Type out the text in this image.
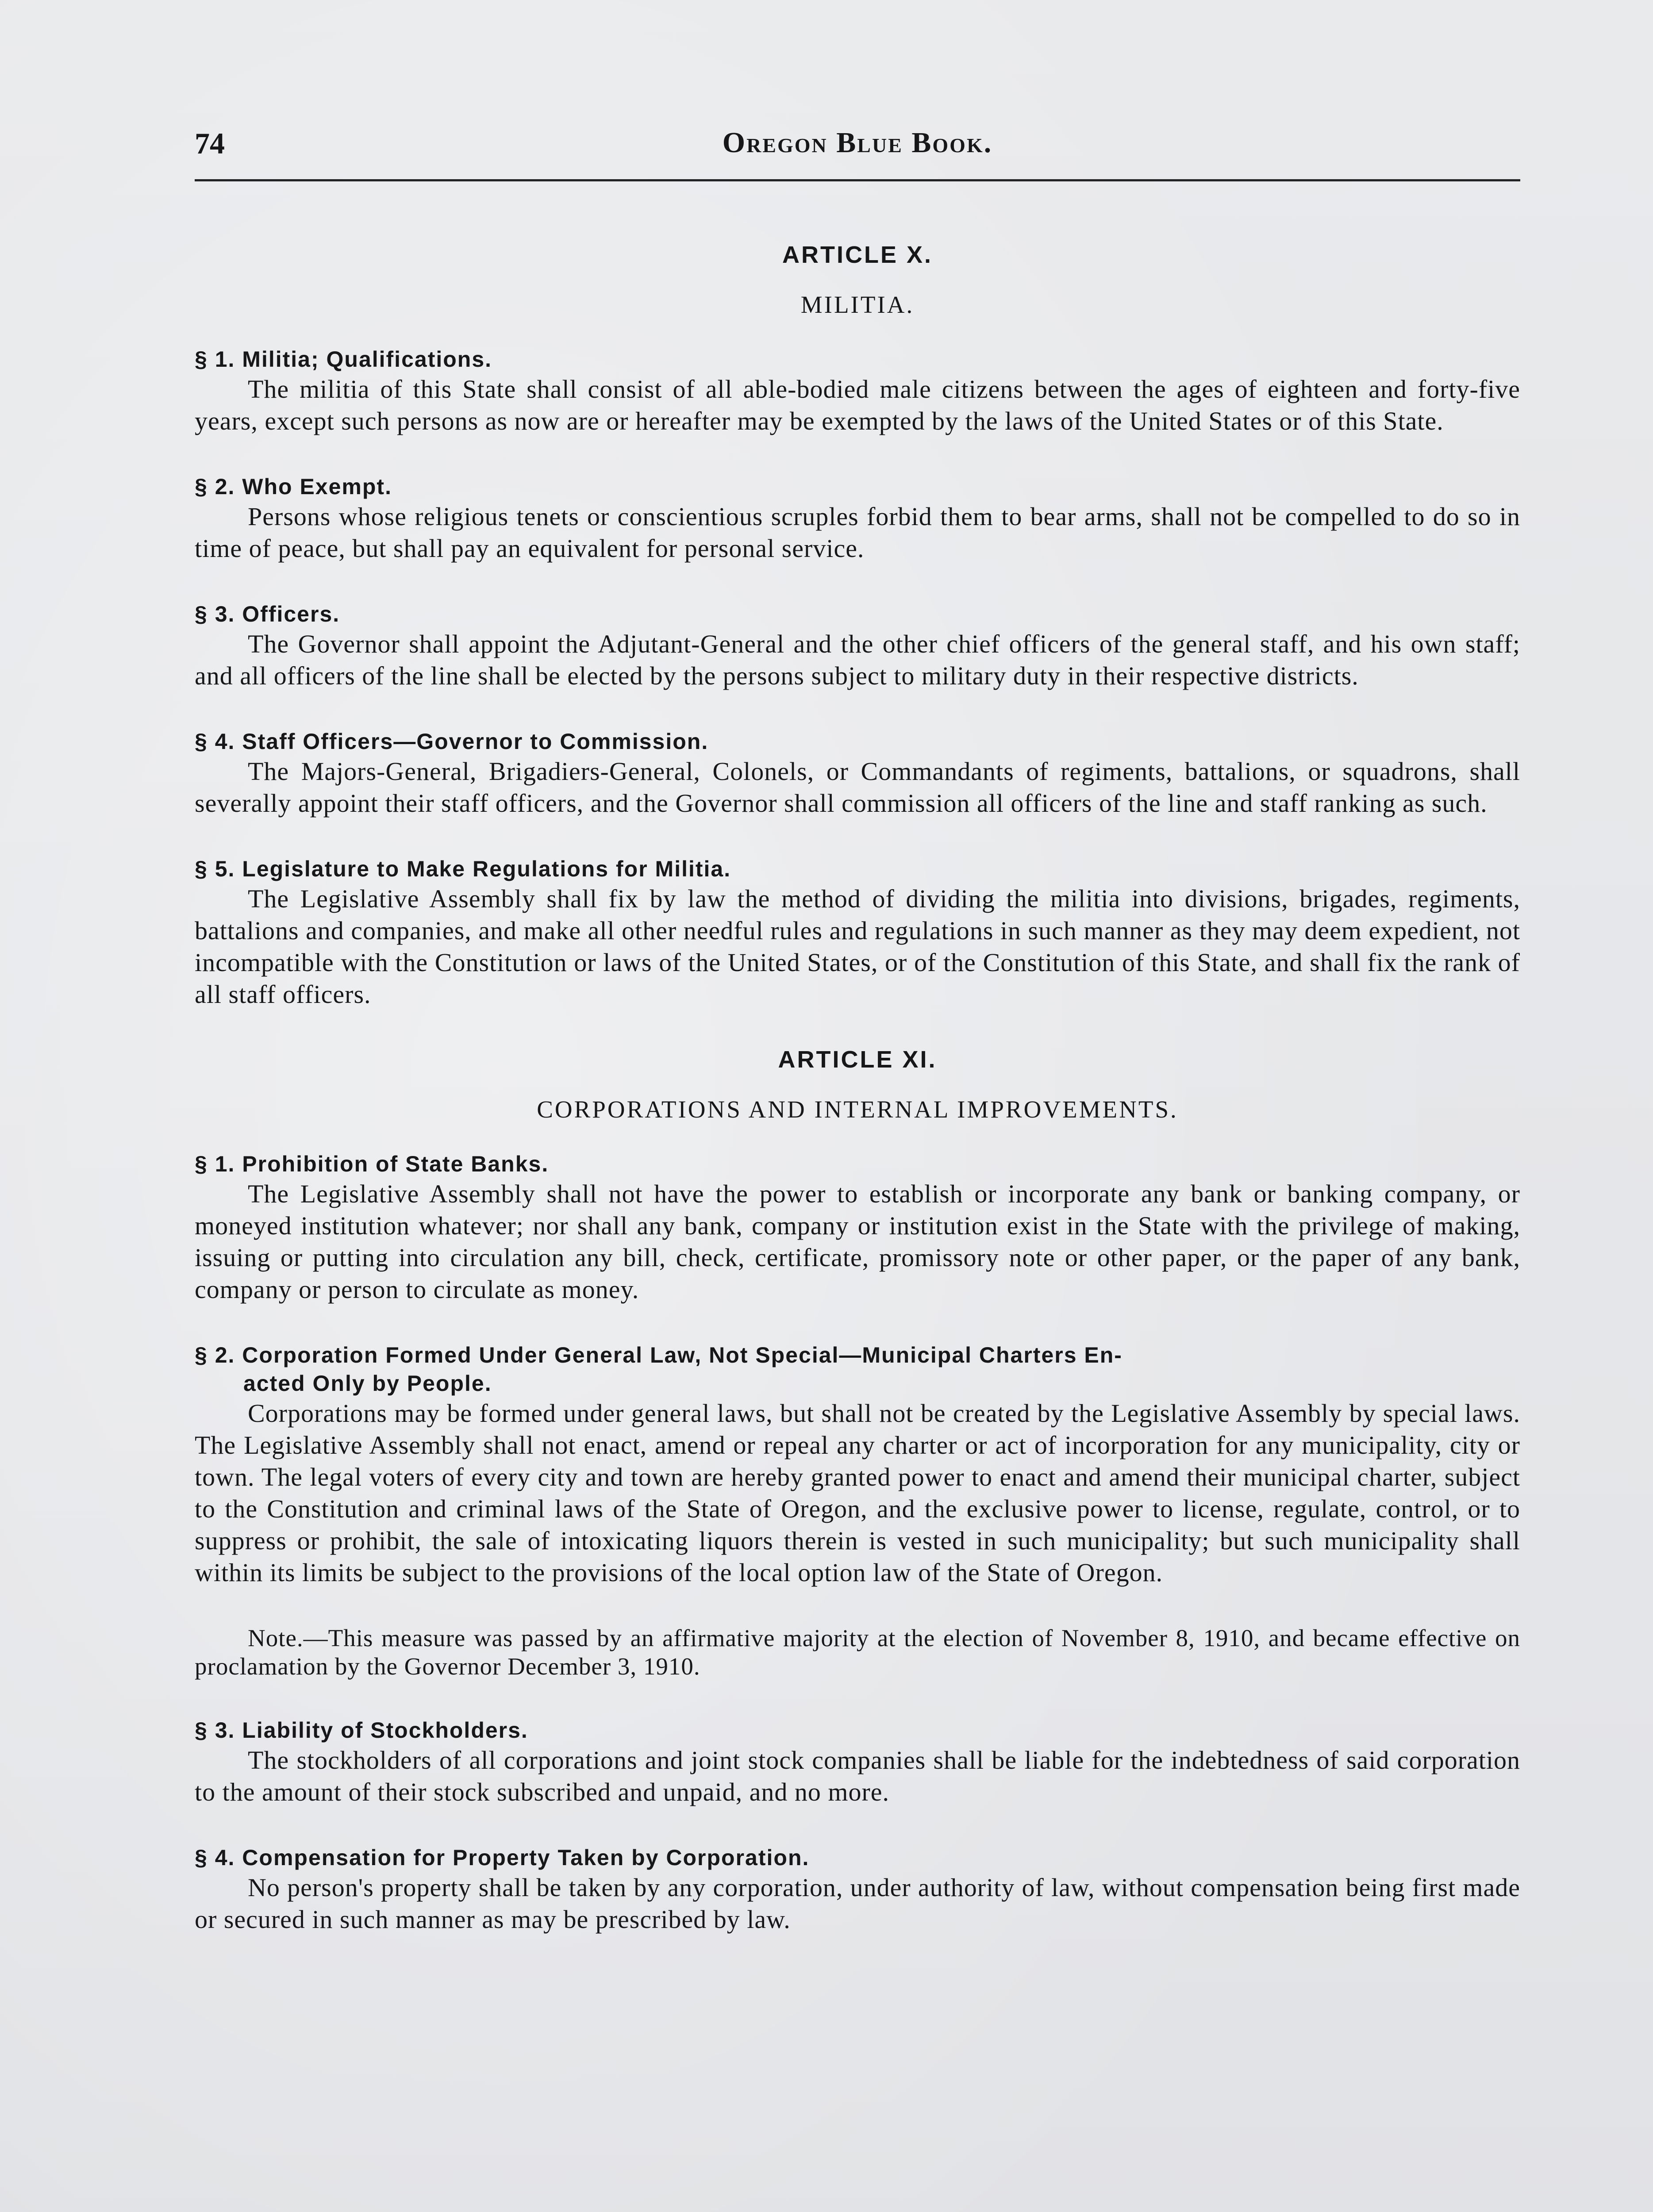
74	Oregon Blue Book.
ARTICLE X.
MILITIA.
§ 1. Militia; Qualifications.
The militia of this State shall consist of all able-bodied male citizens between the ages of eighteen and forty-five years, except such persons as now are or hereafter may be exempted by the laws of the United States or of this State.
§ 2. Who Exempt.
Persons whose religious tenets or conscientious scruples forbid them to bear arms, shall not be compelled to do so in time of peace, but shall pay an equivalent for personal service.
§ 3. Officers.
The Governor shall appoint the Adjutant-General and the other chief officers of the general staff, and his own staff; and all officers of the line shall be elected by the persons subject to military duty in their respective districts.
§ 4. Staff Officers—Governor to Commission.
The Majors-General, Brigadiers-General, Colonels, or Commandants of regiments, battalions, or squadrons, shall severally appoint their staff officers, and the Governor shall commission all officers of the line and staff ranking as such.
§ 5. Legislature to Make Regulations for Militia.
The Legislative Assembly shall fix by law the method of dividing the militia into divisions, brigades, regiments, battalions and companies, and make all other needful rules and regulations in such manner as they may deem expedient, not incompatible with the Constitution or laws of the United States, or of the Constitution of this State, and shall fix the rank of all staff officers.
ARTICLE XI.
CORPORATIONS AND INTERNAL IMPROVEMENTS.
§ 1. Prohibition of State Banks.
The Legislative Assembly shall not have the power to establish or incorporate any bank or banking company, or moneyed institution whatever; nor shall any bank, company or institution exist in the State with the privilege of making, issuing or putting into circulation any bill, check, certificate, promissory note or other paper, or the paper of any bank, company or person to circulate as money.
§ 2. Corporation Formed Under General Law, Not Special—Municipal Charters En-
acted Only by People.
Corporations may be formed under general laws, but shall not be created by the Legislative Assembly by special laws. The Legislative Assembly shall not enact, amend or repeal any charter or act of incorporation for any municipality, city or town. The legal voters of every city and town are hereby granted power to enact and amend their municipal charter, subject to the Constitution and criminal laws of the State of Oregon, and the exclusive power to license, regulate, control, or to suppress or prohibit, the sale of intoxicating liquors therein is vested in such municipality; but such municipality shall within its limits be subject to the provisions of the local option law of the State of Oregon.
Note.—This measure was passed by an affirmative majority at the election of November 8, 1910, and became effective on proclamation by the Governor December 3, 1910.
§ 3. Liability of Stockholders.
The stockholders of all corporations and joint stock companies shall be liable for the indebtedness of said corporation to the amount of their stock subscribed and unpaid, and no more.
§ 4. Compensation for Property Taken by Corporation.
No person's property shall be taken by any corporation, under authority of law, without compensation being first made or secured in such manner as may be prescribed by law.
